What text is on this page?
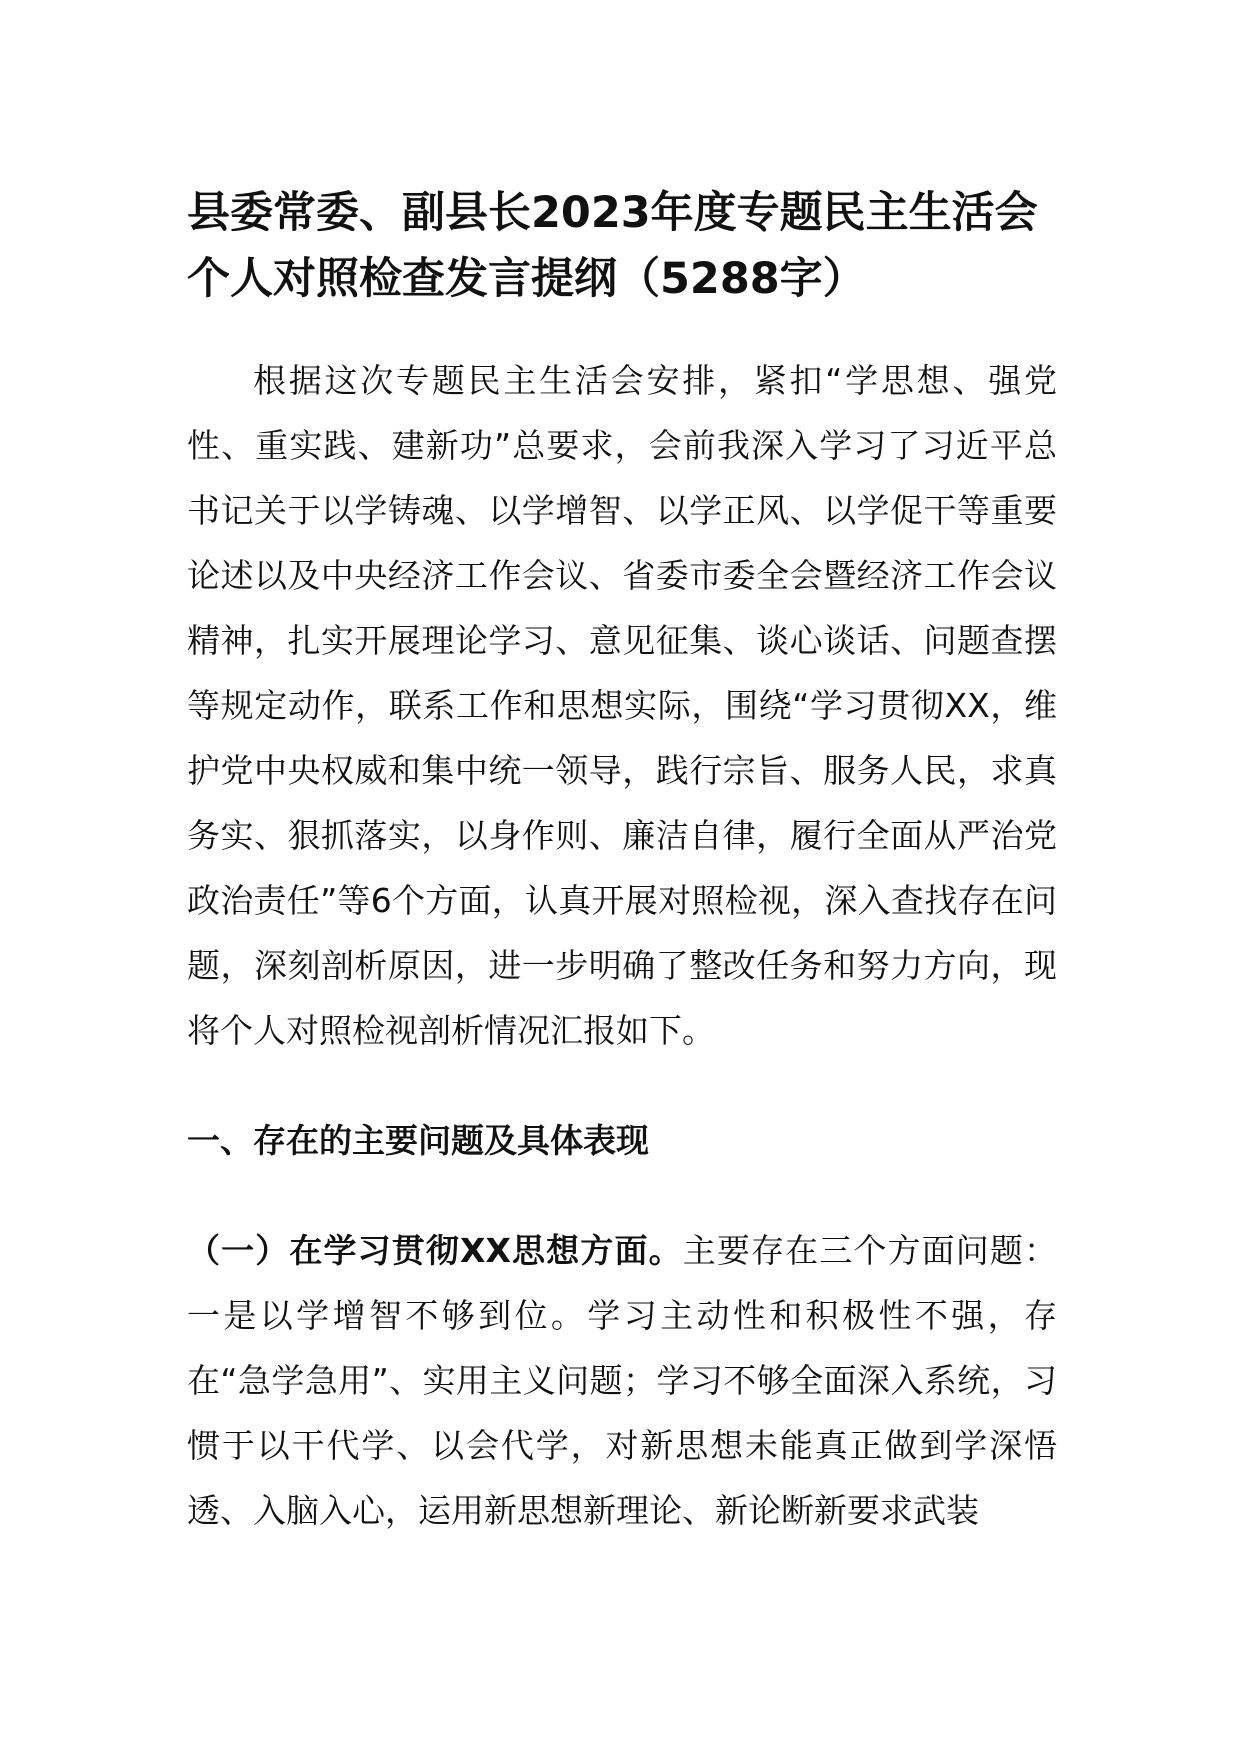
县委常委、副县长2023年度专题民主生活会个人对照检查发言提纲（5288字）

根据这次专题民主生活会安排，紧扣“学思想、强党性、重实践、建新功”总要求，会前我深入学习了习近平总书记关于以学铸魂、以学增智、以学正风、以学促干等重要论述以及中央经济工作会议、省委市委全会暨经济工作会议精神，扎实开展理论学习、意见征集、谈心谈话、问题查摆等规定动作，联系工作和思想实际，围绕“学习贯彻XX，维护党中央权威和集中统一领导，践行宗旨、服务人民，求真务实、狠抓落实，以身作则、廉洁自律，履行全面从严治党政治责任”等6个方面，认真开展对照检视，深入查找存在问题，深刻剖析原因，进一步明确了整改任务和努力方向，现将个人对照检视剖析情况汇报如下。

一、存在的主要问题及具体表现

（一）在学习贯彻XX思想方面。主要存在三个方面问题：一是以学增智不够到位。学习主动性和积极性不强，存在“急学急用”、实用主义问题；学习不够全面深入系统，习惯于以干代学、以会代学，对新思想未能真正做到学深悟透、入脑入心，运用新思想新理论、新论断新要求武装
